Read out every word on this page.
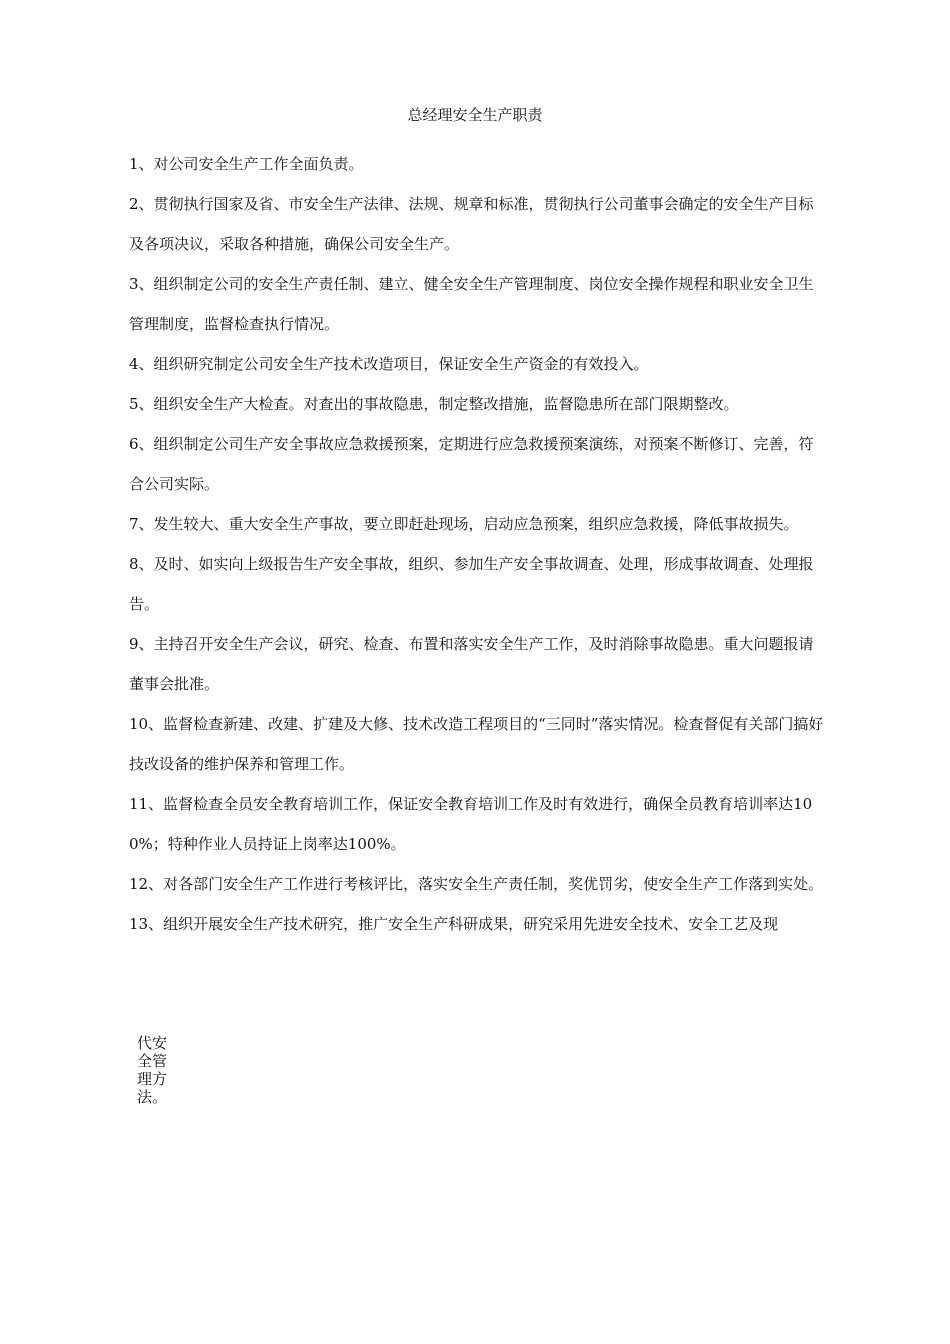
总经理安全生产职责

1、对公司安全生产工作全面负责。

2、贯彻执行国家及省、市安全生产法律、法规、规章和标准，贯彻执行公司董事会确定的安全生产目标及各项决议，采取各种措施，确保公司安全生产。

3、组织制定公司的安全生产责任制、建立、健全安全生产管理制度、岗位安全操作规程和职业安全卫生管理制度，监督检查执行情况。

4、组织研究制定公司安全生产技术改造项目，保证安全生产资金的有效投入。

5、组织安全生产大检查。对查出的事故隐患，制定整改措施，监督隐患所在部门限期整改。

6、组织制定公司生产安全事故应急救援预案，定期进行应急救援预案演练，对预案不断修订、完善，符合公司实际。

7、发生较大、重大安全生产事故，要立即赶赴现场，启动应急预案，组织应急救援，降低事故损失。

8、及时、如实向上级报告生产安全事故，组织、参加生产安全事故调查、处理，形成事故调查、处理报告。

9、主持召开安全生产会议，研究、检查、布置和落实安全生产工作，及时消除事故隐患。重大问题报请董事会批准。

10、监督检查新建、改建、扩建及大修、技术改造工程项目的“三同时”落实情况。检查督促有关部门搞好技改设备的维护保养和管理工作。

11、监督检查全员安全教育培训工作，保证安全教育培训工作及时有效进行，确保全员教育培训率达100%；特种作业人员持证上岗率达100%。

12、对各部门安全生产工作进行考核评比，落实安全生产责任制，奖优罚劣，使安全生产工作落到实处。

13、组织开展安全生产技术研究，推广安全生产科研成果，研究采用先进安全技术、安全工艺及现

代安全管理方法。
